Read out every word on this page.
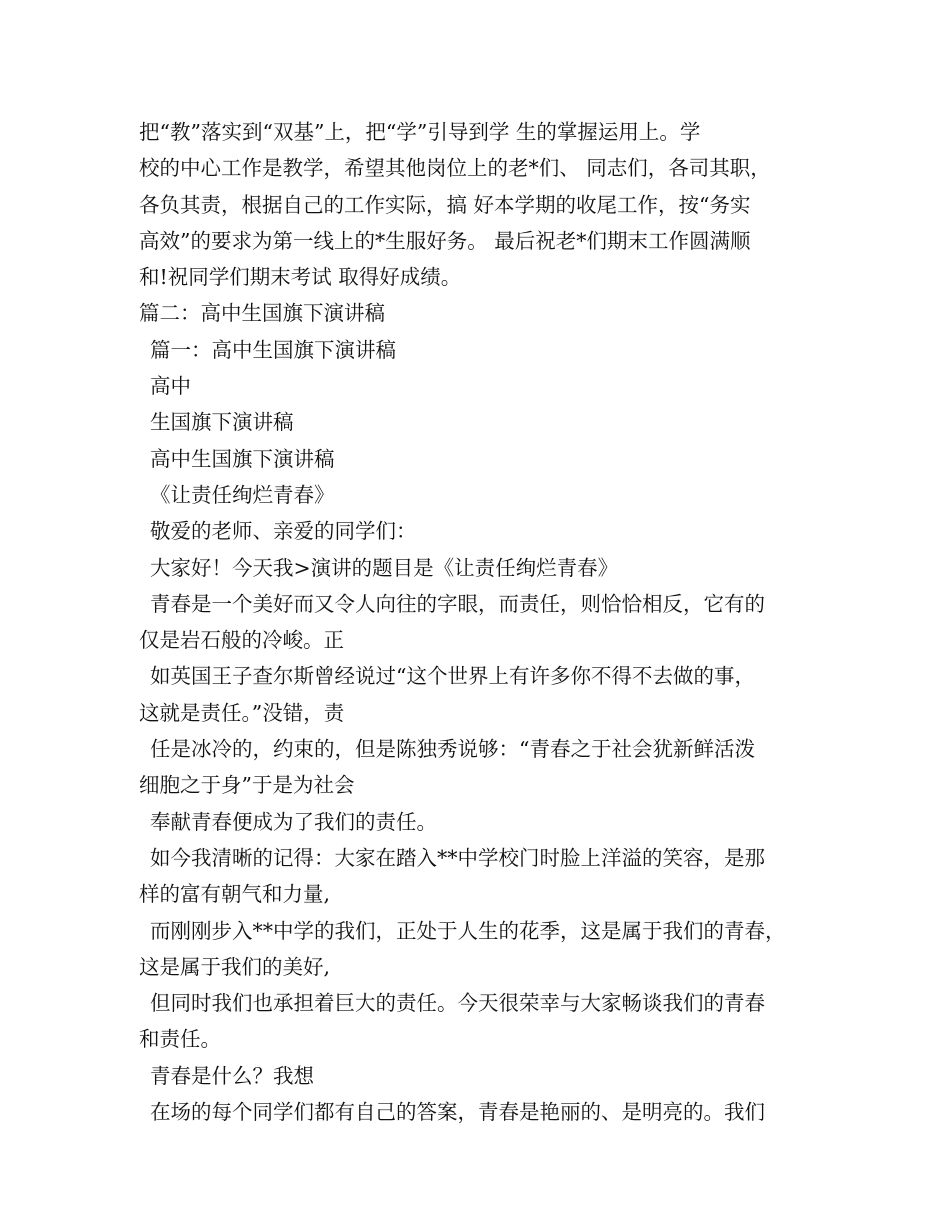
把“教”落实到“双基”上，把“学”引导到学 生的掌握运用上。学
校的中心工作是教学，希望其他岗位上的老*们、 同志们，各司其职，
各负其责，根据自己的工作实际，搞 好本学期的收尾工作，按“务实
高效”的要求为第一线上的*生服好务。 最后祝老*们期末工作圆满顺
和!祝同学们期末考试 取得好成绩。
篇二：高中生国旗下演讲稿
篇一：高中生国旗下演讲稿
高中
生国旗下演讲稿
高中生国旗下演讲稿
《让责任绚烂青春》
敬爱的老师、亲爱的同学们：
大家好！今天我>演讲的题目是《让责任绚烂青春》
青春是一个美好而又令人向往的字眼，而责任，则恰恰相反，它有的
仅是岩石般的冷峻。正
如英国王子查尔斯曾经说过“这个世界上有许多你不得不去做的事，
这就是责任。”没错，责
任是冰冷的，约束的，但是陈独秀说够：“青春之于社会犹新鲜活泼
细胞之于身”于是为社会
奉献青春便成为了我们的责任。
如今我清晰的记得：大家在踏入**中学校门时脸上洋溢的笑容，是那
样的富有朝气和力量,
而刚刚步入**中学的我们，正处于人生的花季，这是属于我们的青春，
这是属于我们的美好,
但同时我们也承担着巨大的责任。今天很荣幸与大家畅谈我们的青春
和责任。
青春是什么？我想
在场的每个同学们都有自己的答案，青春是艳丽的、是明亮的。我们
